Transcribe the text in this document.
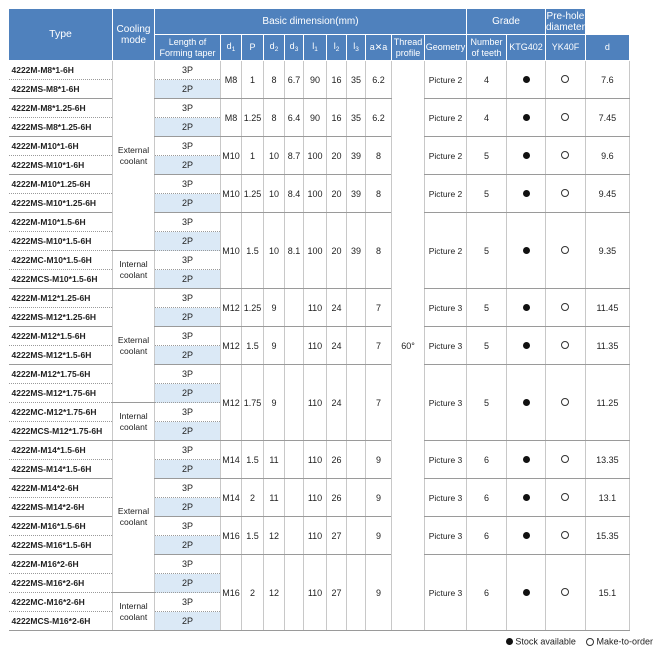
Type	Cooling mode	Basic dimension(mm)											Grade		Pre-hole diameter	
		Length of Forming taper	$d_1$	P	$d_2$	$d_3$	$l_1$	$l_2$	$l_3$	a✕a	Thread profile	Geometry	Number of teeth	KTG402	YK40F	d
4222M-M8*1-6H	External coolant	3P	M8	1	8	6.7	90	16	35	6.2	60°	Picture 2	4			7.6
4222MS-M8*1-6H		2P														
4222M-M8*1.25-6H		3P	M8	1.25	8	6.4	90	16	35	6.2		Picture 2	4			7.45
4222MS-M8*1.25-6H		2P														
4222M-M10*1-6H		3P	M10	1	10	8.7	100	20	39	8		Picture 2	5			9.6
4222MS-M10*1-6H		2P														
4222M-M10*1.25-6H		3P	M10	1.25	10	8.4	100	20	39	8		Picture 2	5			9.45
4222MS-M10*1.25-6H		2P														
4222M-M10*1.5-6H		3P	M10	1.5	10	8.1	100	20	39	8		Picture 2	5			9.35
4222MS-M10*1.5-6H		2P														
4222MC-M10*1.5-6H	Internal coolant	3P														
4222MCS-M10*1.5-6H		2P														
4222M-M12*1.25-6H	External coolant	3P	M12	1.25	9		110	24		7		Picture 3	5			11.45
4222MS-M12*1.25-6H		2P														
4222M-M12*1.5-6H		3P	M12	1.5	9		110	24		7		Picture 3	5			11.35
4222MS-M12*1.5-6H		2P														
4222M-M12*1.75-6H		3P	M12	1.75	9		110	24		7		Picture 3	5			11.25
4222MS-M12*1.75-6H		2P														
4222MC-M12*1.75-6H	Internal coolant	3P														
4222MCS-M12*1.75-6H		2P														
4222M-M14*1.5-6H	External coolant	3P	M14	1.5	11		110	26		9		Picture 3	6			13.35
4222MS-M14*1.5-6H		2P														
4222M-M14*2-6H		3P	M14	2	11		110	26		9		Picture 3	6			13.1
4222MS-M14*2-6H		2P														
4222M-M16*1.5-6H		3P	M16	1.5	12		110	27		9		Picture 3	6			15.35
4222MS-M16*1.5-6H		2P														
4222M-M16*2-6H		3P	M16	2	12		110	27		9		Picture 3	6			15.1
4222MS-M16*2-6H		2P														
4222MC-M16*2-6H	Internal coolant	3P														
4222MCS-M16*2-6H		2P														
Stock available Make-to-order
